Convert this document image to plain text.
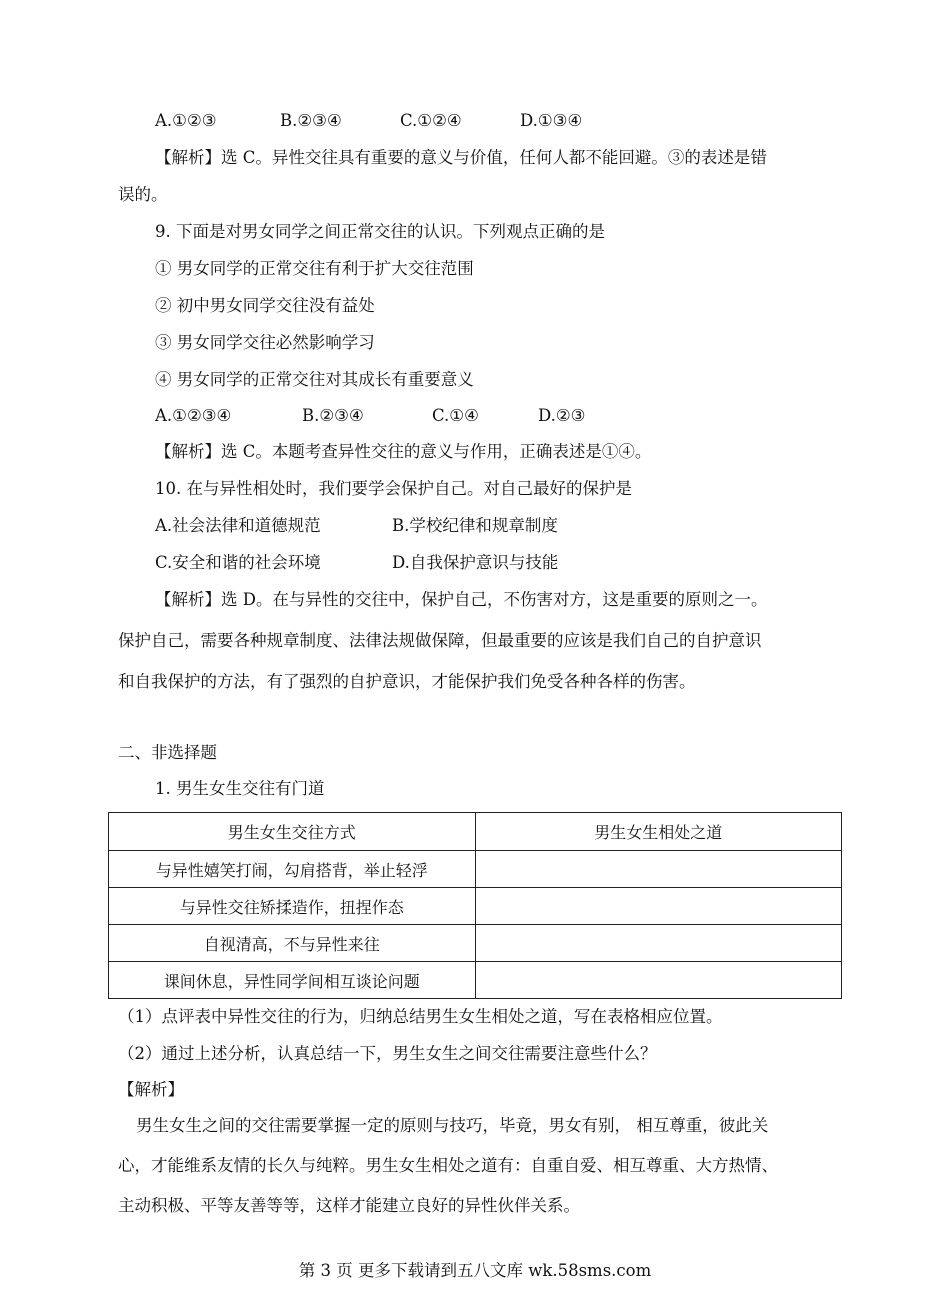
A.①②③	B.②③④	C.①②④	D.①③④
【解析】选 C。异性交往具有重要的意义与价值，任何人都不能回避。③的表述是错
误的。
9. 下面是对男女同学之间正常交往的认识。下列观点正确的是
① 男女同学的正常交往有利于扩大交往范围
② 初中男女同学交往没有益处
③ 男女同学交往必然影响学习
④ 男女同学的正常交往对其成长有重要意义
A.①②③④	B.②③④	C.①④	D.②③
【解析】选 C。本题考查异性交往的意义与作用，正确表述是①④。
10. 在与异性相处时，我们要学会保护自己。对自己最好的保护是
A.社会法律和道德规范	B.学校纪律和规章制度
C.安全和谐的社会环境	D.自我保护意识与技能
【解析】选 D。在与异性的交往中，保护自己，不伤害对方，这是重要的原则之一。
保护自己，需要各种规章制度、法律法规做保障，但最重要的应该是我们自己的自护意识
和自我保护的方法，有了强烈的自护意识，才能保护我们免受各种各样的伤害。
二、非选择题
1. 男生女生交往有门道
男生女生交往方式	男生女生相处之道
与异性嬉笑打闹，勾肩搭背，举止轻浮	
与异性交往矫揉造作，扭捏作态	
自视清高，不与异性来往	
课间休息，异性同学间相互谈论问题	
（1）点评表中异性交往的行为，归纳总结男生女生相处之道，写在表格相应位置。
（2）通过上述分析，认真总结一下，男生女生之间交往需要注意些什么？
【解析】
男生女生之间的交往需要掌握一定的原则与技巧，毕竟，男女有别， 相互尊重，彼此关
心，才能维系友情的长久与纯粹。男生女生相处之道有：自重自爱、相互尊重、大方热情、
主动积极、平等友善等等，这样才能建立良好的异性伙伴关系。
第 3 页 更多下载请到五八文库 wk.58sms.com
